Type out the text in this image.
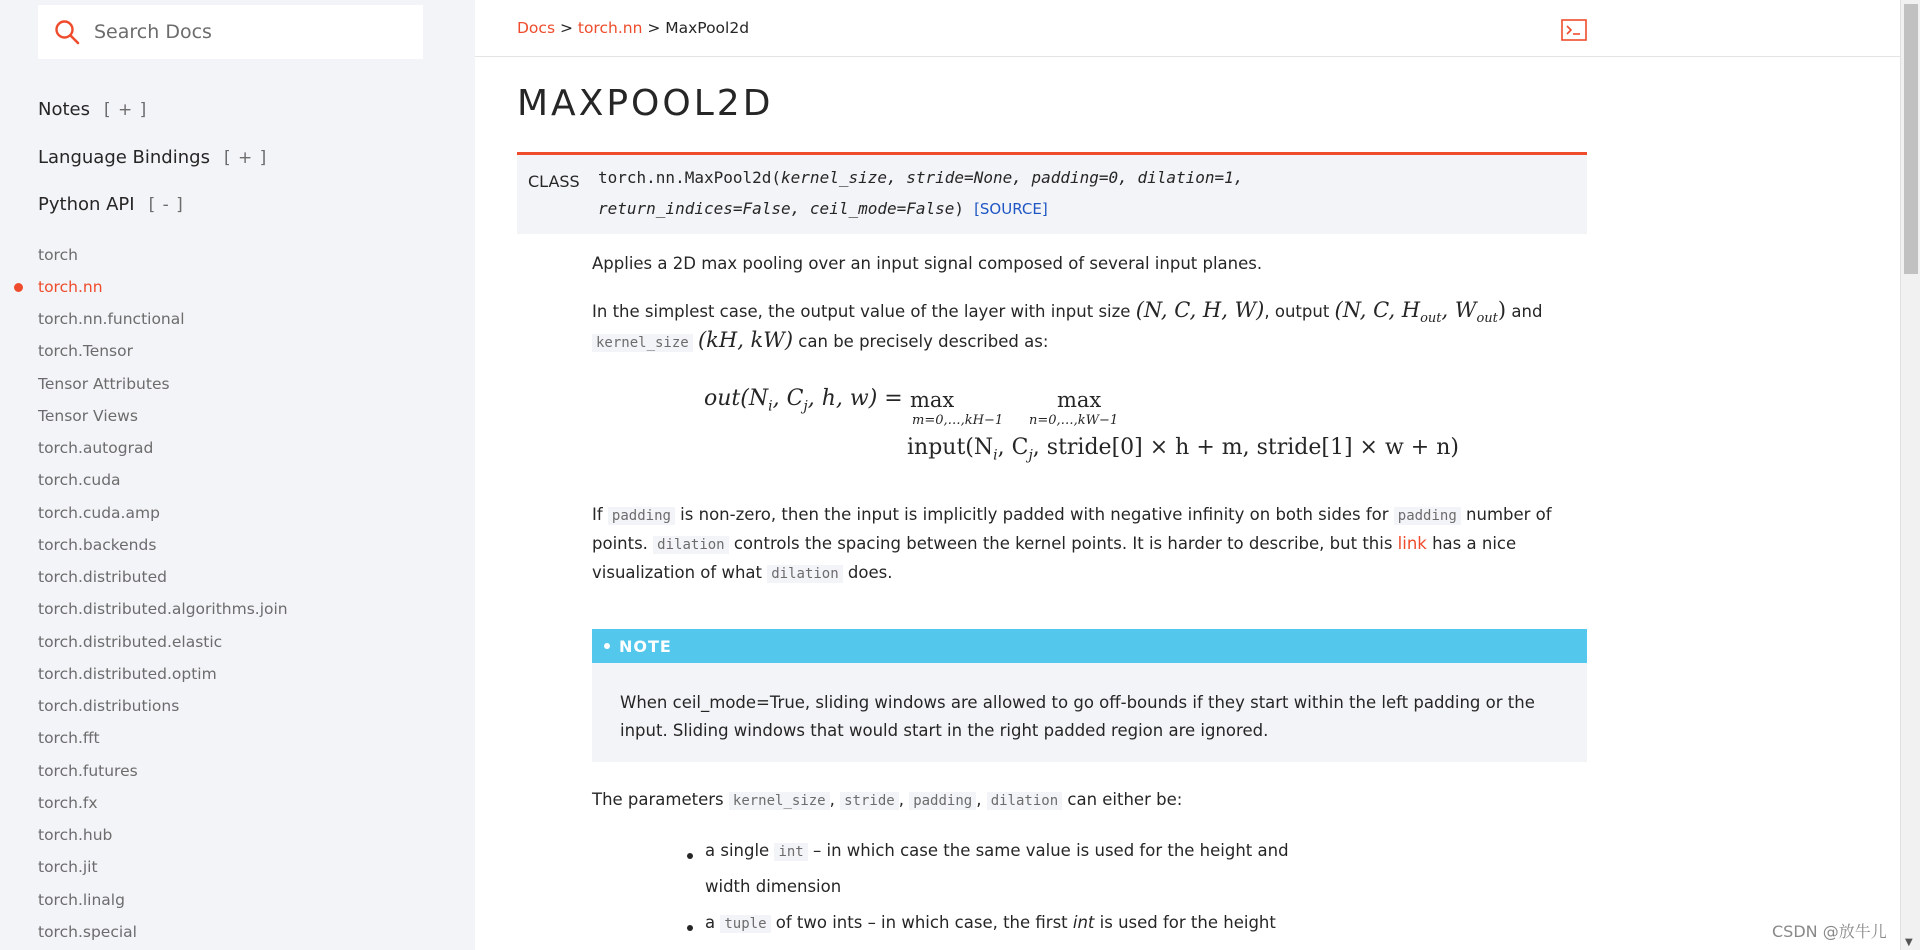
Search Docs
Notes [ + ]
Language Bindings [ + ]
Python API [ - ]
torch
torch.nn
torch.nn.functional
torch.Tensor
Tensor Attributes
Tensor Views
torch.autograd
torch.cuda
torch.cuda.amp
torch.backends
torch.distributed
torch.distributed.algorithms.join
torch.distributed.elastic
torch.distributed.optim
torch.distributions
torch.fft
torch.futures
torch.fx
torch.hub
torch.jit
torch.linalg
torch.special
Docs > torch.nn > MaxPool2d
MAXPOOL2D
CLASS torch.nn.MaxPool2d(kernel_size, stride=None, padding=0, dilation=1,
return_indices=False, ceil_mode=False) [SOURCE]
Applies a 2D max pooling over an input signal composed of several input planes.
In the simplest case, the output value of the layer with input size (N, C, H, W), output (N, C, $H_{out}$, $W_{out}$) and
kernel_size (kH, kW) can be precisely described as:
$out(N_i$, $C_j$, h, w) = max
m=0,…,kH−1
max
n=0,…,kW−1
$input(N_i$, $C_j$, stride[0] × h + m, stride[1] × w + n)
If padding is non-zero, then the input is implicitly padded with negative infinity on both sides for padding number of
points. dilation controls the spacing between the kernel points. It is harder to describe, but this link has a nice
visualization of what dilation does.
NOTE
When ceil_mode=True, sliding windows are allowed to go off-bounds if they start within the left padding or the
input. Sliding windows that would start in the right padded region are ignored.
The parameters kernel_size , stride , padding , dilation can either be:
a single int – in which case the same value is used for the height and
width dimension
a tuple of two ints – in which case, the first int is used for the height
▼
CSDN @放牛儿
